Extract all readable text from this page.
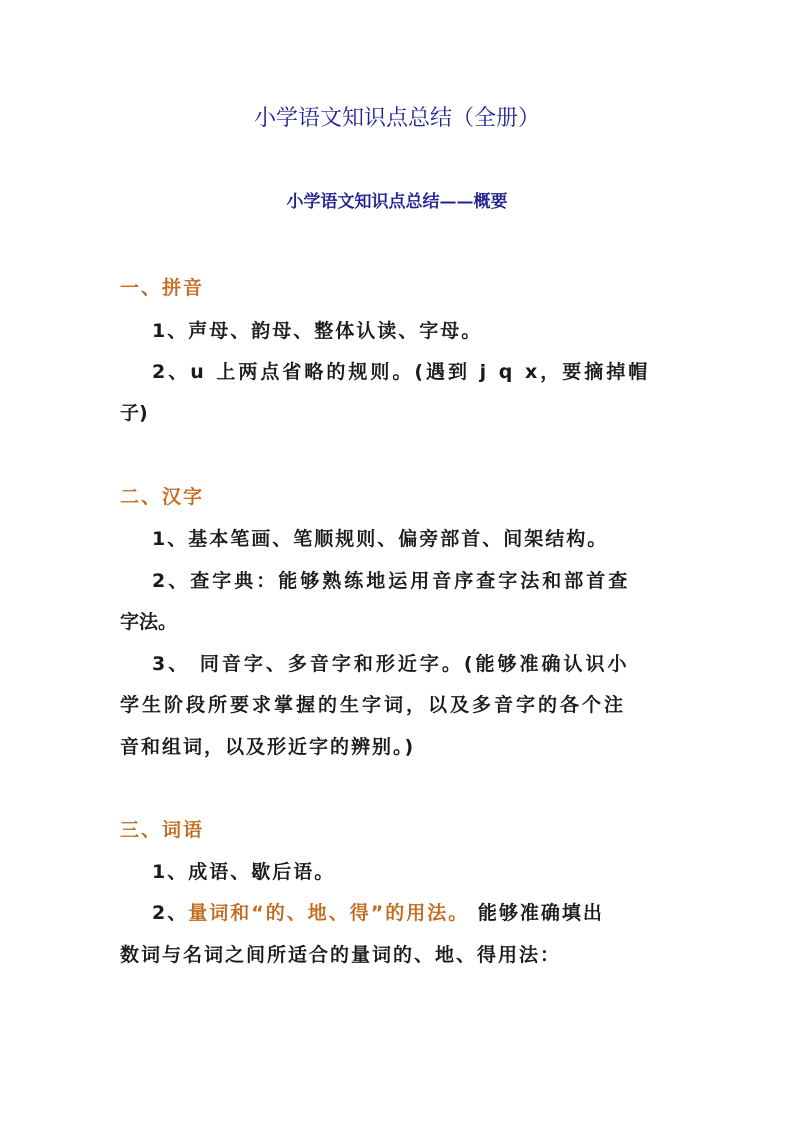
小学语文知识点总结（全册）
小学语文知识点总结——概要
一、拼音
1、声母、韵母、整体认读、字母。
2、u 上两点省略的规则。(遇到 j q x，要摘掉帽
子)
二、汉字
1、基本笔画、笔顺规则、偏旁部首、间架结构。
2、查字典：能够熟练地运用音序查字法和部首查
字法。
3、 同音字、多音字和形近字。(能够准确认识小
学生阶段所要求掌握的生字词，以及多音字的各个注
音和组词，以及形近字的辨别。)
三、词语
1、成语、歇后语。
2、量词和“的、地、得”的用法。 能够准确填出
数词与名词之间所适合的量词的、地、得用法：
